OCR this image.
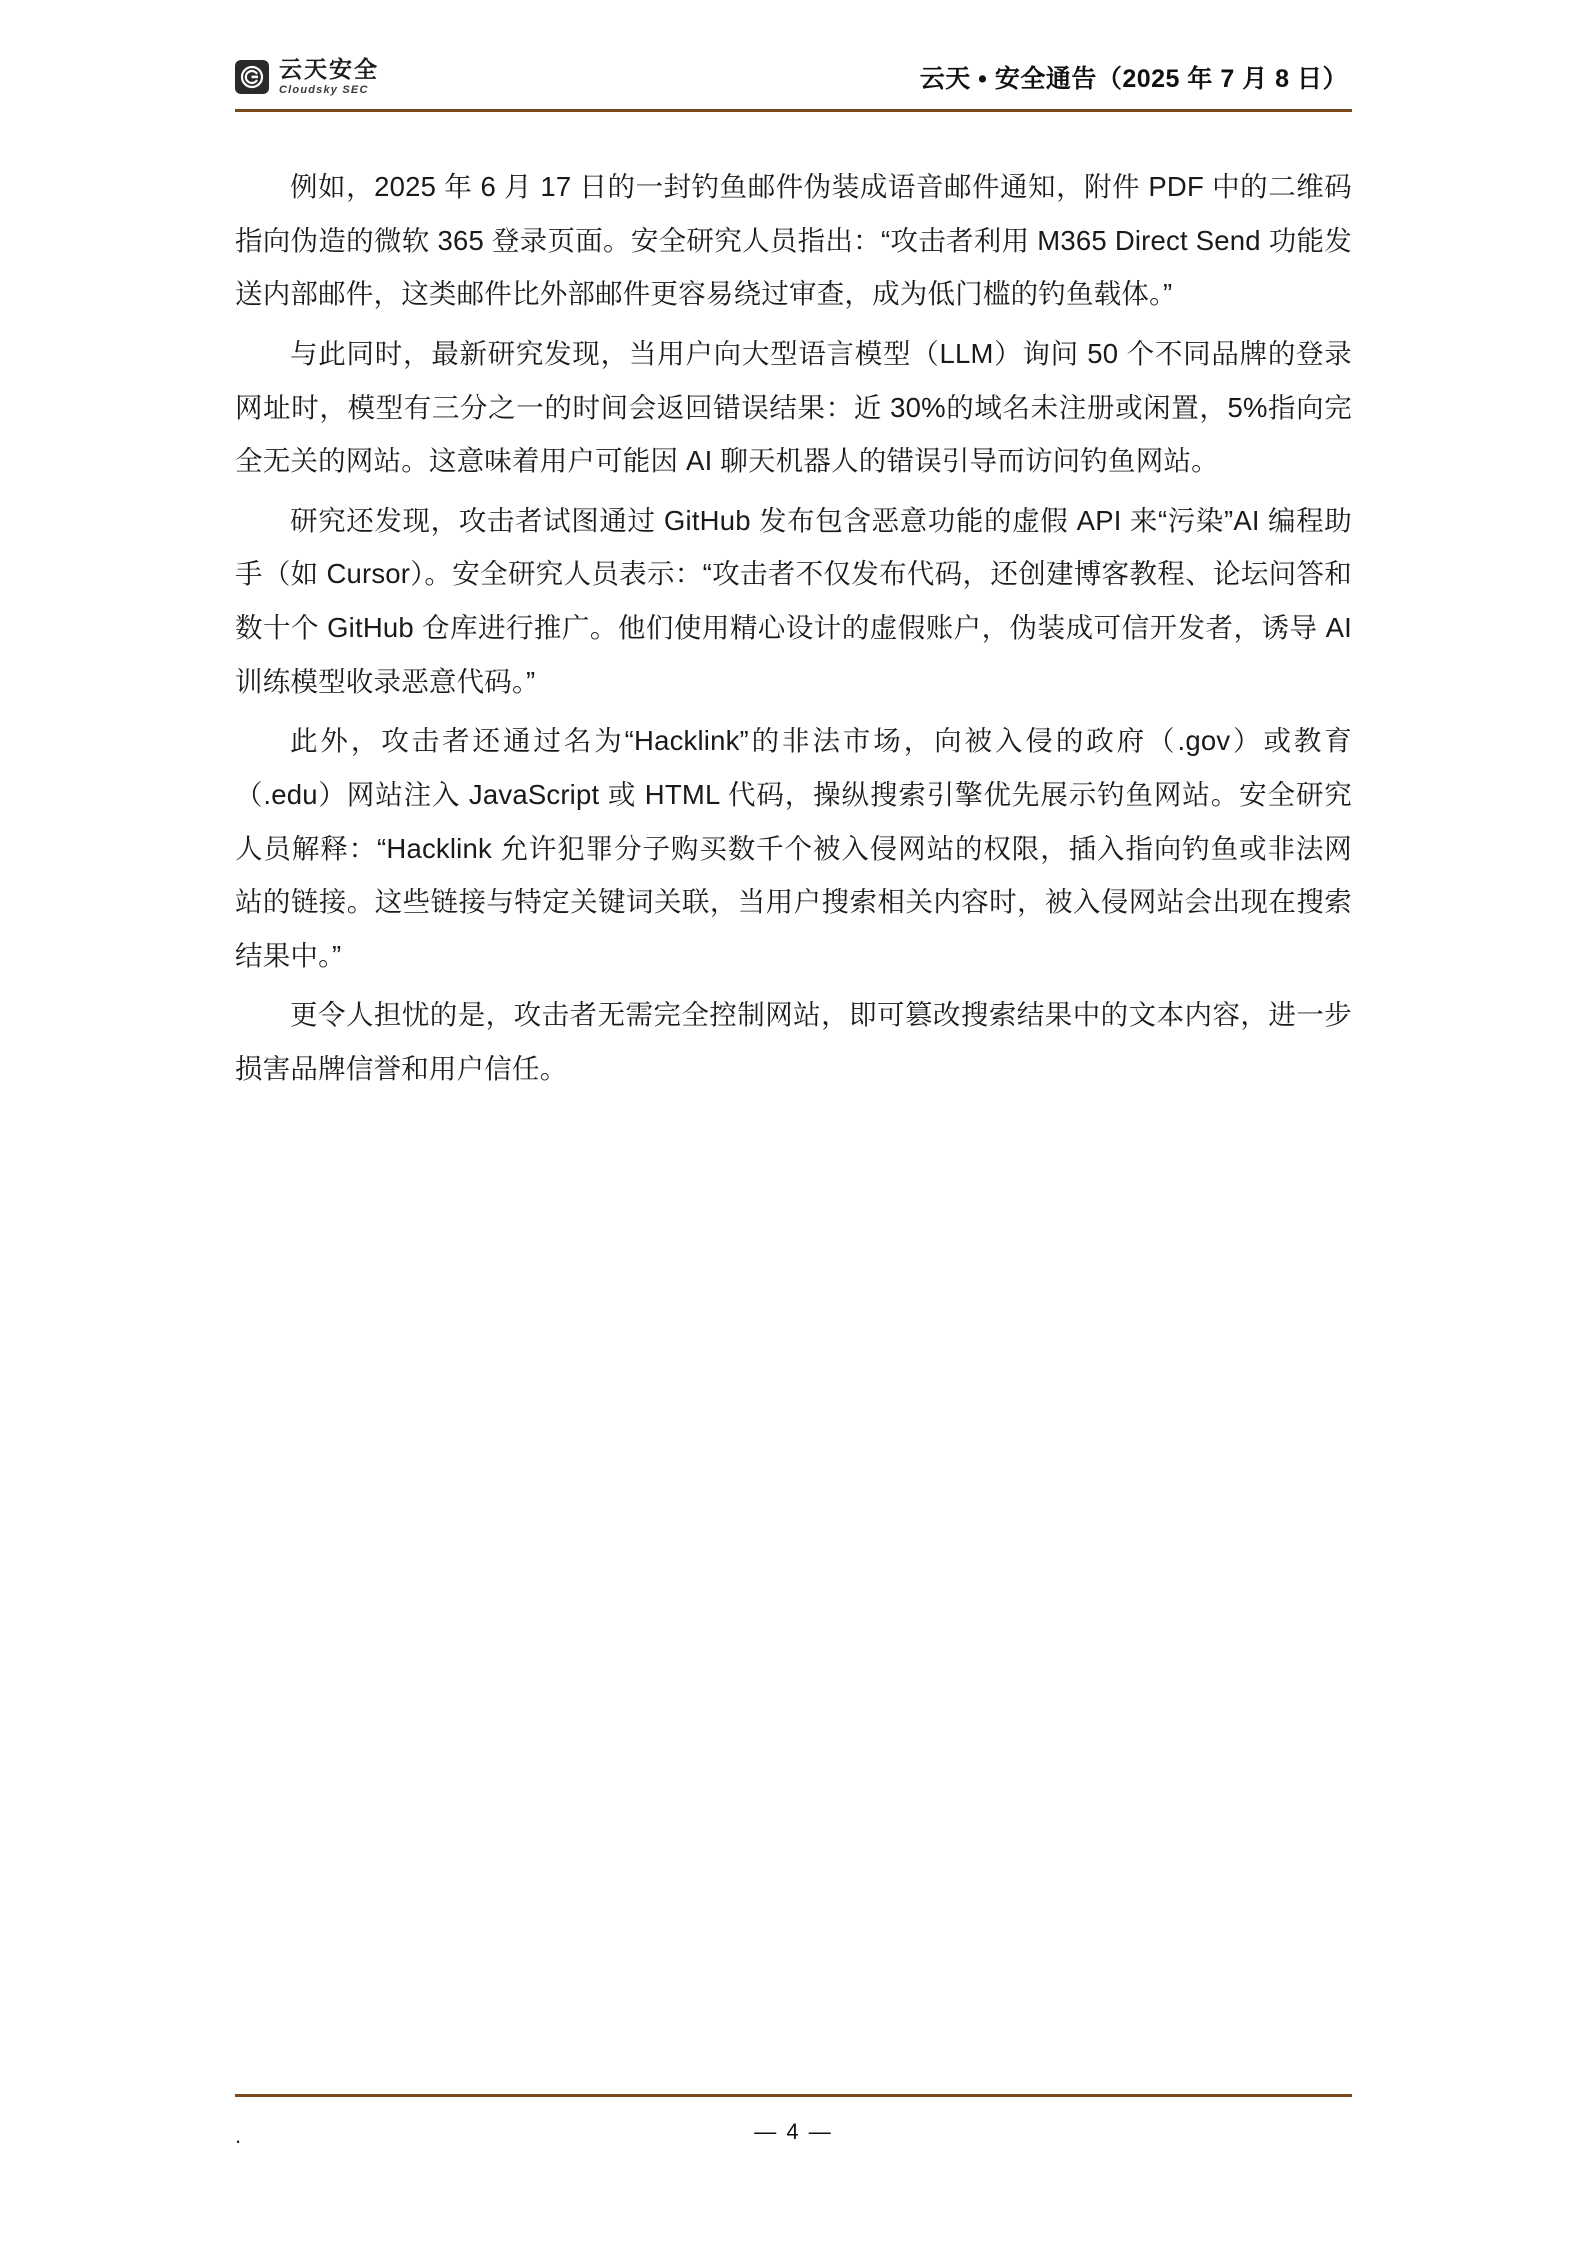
云天安全
Cloudsky SEC	云天 • 安全通告（2025 年 7 月 8 日）

例如，2025 年 6 月 17 日的一封钓鱼邮件伪装成语音邮件通知，附件 PDF 中的二维码指向伪造的微软 365 登录页面。安全研究人员指出：“攻击者利用 M365 Direct Send 功能发送内部邮件，这类邮件比外部邮件更容易绕过审查，成为低门槛的钓鱼载体。”

与此同时，最新研究发现，当用户向大型语言模型（LLM）询问 50 个不同品牌的登录网址时，模型有三分之一的时间会返回错误结果：近 30%的域名未注册或闲置，5%指向完全无关的网站。这意味着用户可能因 AI 聊天机器人的错误引导而访问钓鱼网站。

研究还发现，攻击者试图通过 GitHub 发布包含恶意功能的虚假 API 来“污染”AI 编程助手（如 Cursor）。安全研究人员表示：“攻击者不仅发布代码，还创建博客教程、论坛问答和数十个 GitHub 仓库进行推广。他们使用精心设计的虚假账户，伪装成可信开发者，诱导 AI 训练模型收录恶意代码。”

此外，攻击者还通过名为“Hacklink”的非法市场，向被入侵的政府（.gov）或教育（.edu）网站注入 JavaScript 或 HTML 代码，操纵搜索引擎优先展示钓鱼网站。安全研究人员解释：“Hacklink 允许犯罪分子购买数千个被入侵网站的权限，插入指向钓鱼或非法网站的链接。这些链接与特定关键词关联，当用户搜索相关内容时，被入侵网站会出现在搜索结果中。”

更令人担忧的是，攻击者无需完全控制网站，即可篡改搜索结果中的文本内容，进一步损害品牌信誉和用户信任。

.	— 4 —
